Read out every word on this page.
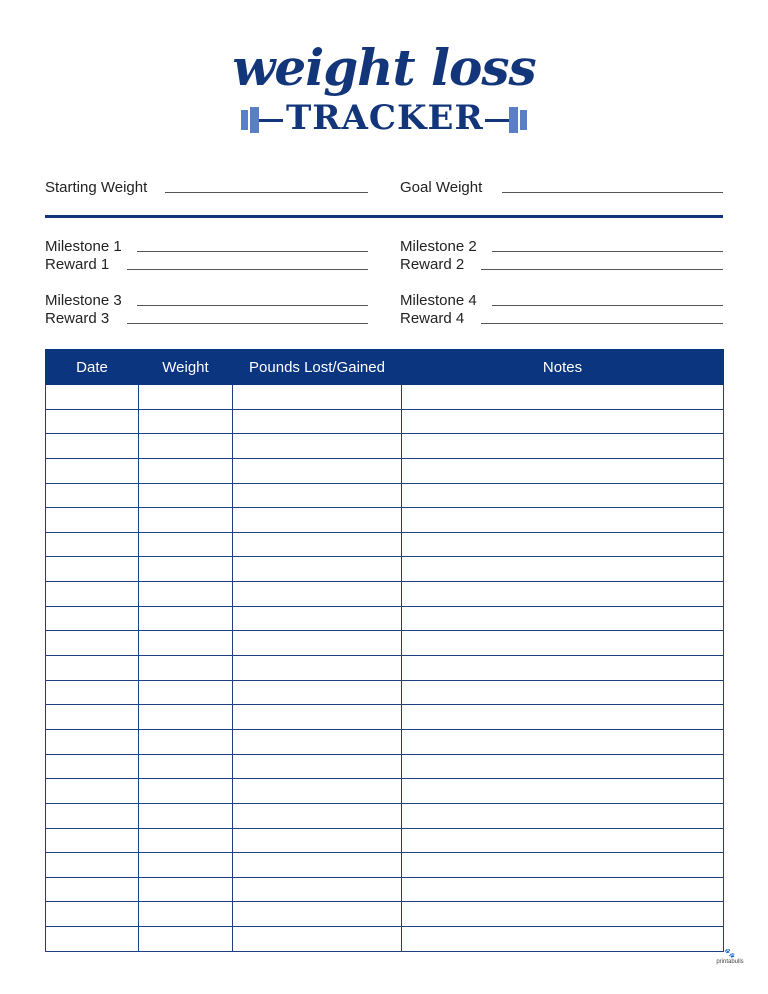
weight loss
TRACKER
Starting Weight	Goal Weight
Milestone 1
Reward 1
Milestone 2
Reward 2
Milestone 3
Reward 3
Milestone 4
Reward 4
Date	Weight	Pounds Lost/Gained	Notes

🐾
printabulls
